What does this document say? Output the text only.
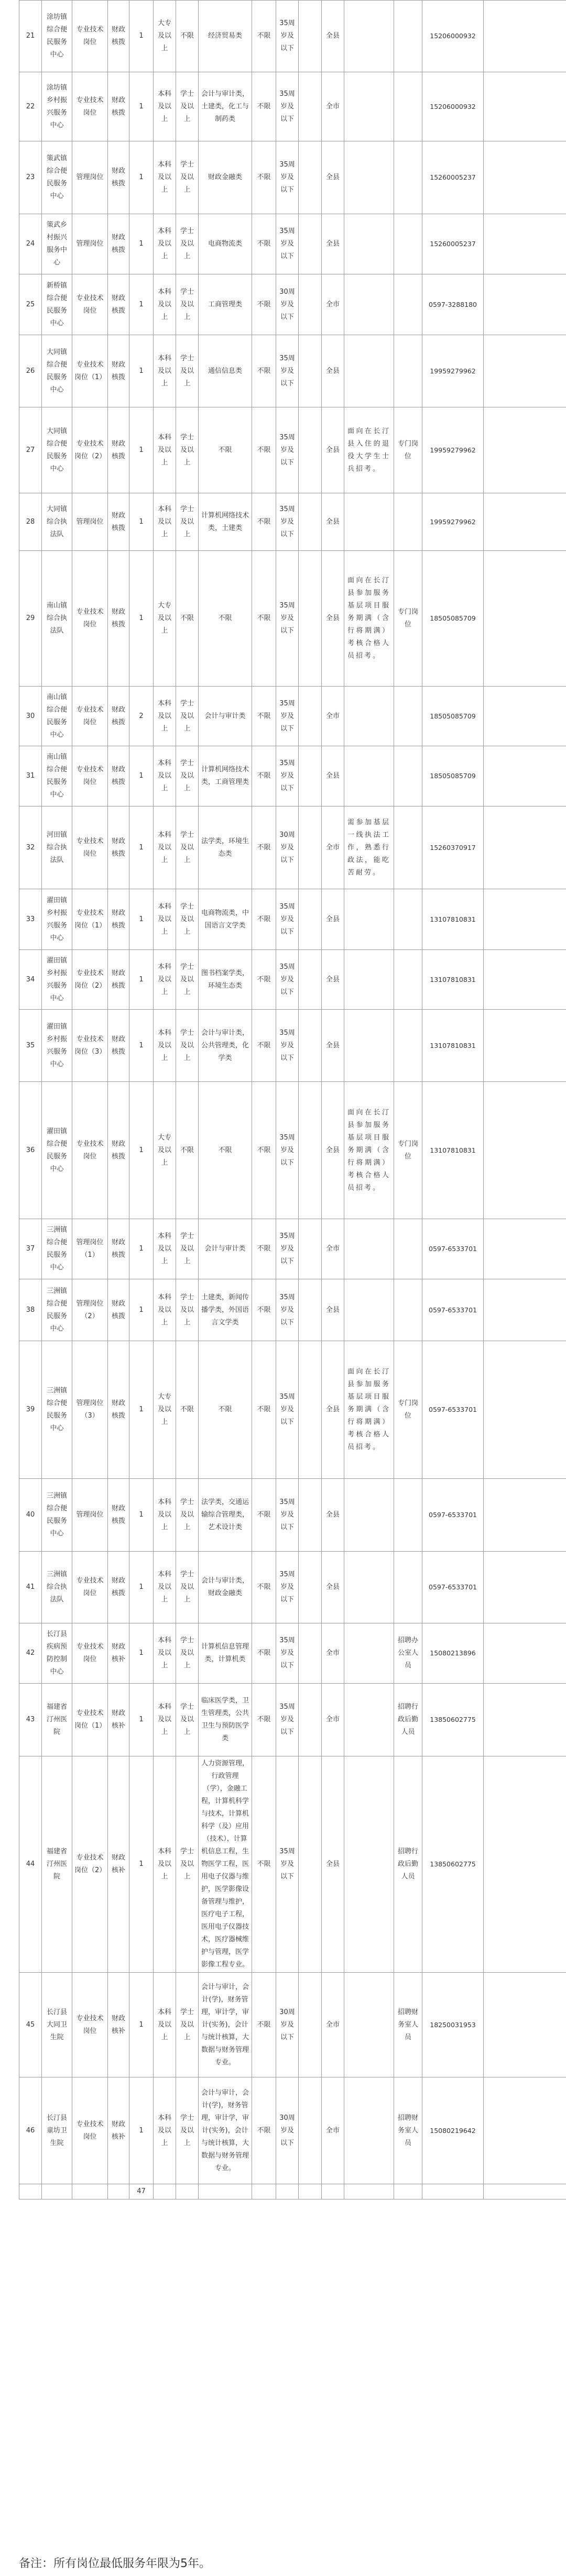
21	涂坊镇综合便民服务中心	专业技术岗位	财政核拨	1	大专及以上	不限	经济贸易类	不限	35周岁及以下		全县			15206000932	
22	涂坊镇乡村振兴服务中心	专业技术岗位	财政核拨	1	本科及以上	学士及以上	会计与审计类，土建类，化工与制药类	不限	35周岁及以下		全市			15206000932	
23	策武镇综合便民服务中心	管理岗位	财政核拨	1	本科及以上	学士及以上	财政金融类	不限	35周岁及以下		全县			15260005237	
24	策武乡村振兴服务中心	管理岗位	财政核拨	1	本科及以上	学士及以上	电商物流类	不限	35周岁及以下		全县			15260005237	
25	新桥镇综合便民服务中心	专业技术岗位	财政核拨	1	本科及以上	学士及以上	工商管理类	不限	30周岁及以下		全市			0597-3288180	
26	大同镇综合便民服务中心	专业技术岗位（1）	财政核拨	1	本科及以上	学士及以上	通信信息类	不限	35周岁及以下		全县			19959279962	
27	大同镇综合便民服务中心	专业技术岗位（2）	财政核拨	1	本科及以上	学士及以上	不限	不限	35周岁及以下		全县	面向在长汀县入住的退役大学生士兵招考。	专门岗位	19959279962	
28	大同镇综合执法队	管理岗位	财政核拨	1	本科及以上	学士及以上	计算机网络技术类，土建类	不限	35周岁及以下		全县			19959279962	
29	南山镇综合执法队	专业技术岗位	财政核拨	1	大专及以上	不限	不限	不限	35周岁及以下		全县	面向在长汀县参加服务基层项目服务期满（含行将期满）考核合格人员招考。	专门岗位	18505085709	
30	南山镇综合便民服务中心	专业技术岗位	财政核拨	2	本科及以上	学士及以上	会计与审计类	不限	35周岁及以下		全市			18505085709	
31	南山镇综合便民服务中心	专业技术岗位	财政核拨	1	本科及以上	学士及以上	计算机网络技术类，工商管理类	不限	35周岁及以下		全县			18505085709	
32	河田镇综合执法队	专业技术岗位	财政核拨	1	本科及以上	学士及以上	法学类，环境生态类	不限	30周岁及以下		全市	需参加基层一线执法工作，熟悉行政法，能吃苦耐劳。		15260370917	
33	濯田镇乡村振兴服务中心	专业技术岗位（1）	财政核拨	1	本科及以上	学士及以上	电商物流类，中国语言文学类	不限	35周岁及以下		全县			13107810831	
34	濯田镇乡村振兴服务中心	专业技术岗位（2）	财政核拨	1	本科及以上	学士及以上	图书档案学类，环境生态类	不限	35周岁及以下		全县			13107810831	
35	濯田镇乡村振兴服务中心	专业技术岗位（3）	财政核拨	1	本科及以上	学士及以上	会计与审计类，公共管理类，化学类	不限	35周岁及以下		全县			13107810831	
36	濯田镇综合便民服务中心	专业技术岗位	财政核拨	1	大专及以上	不限	不限	不限	35周岁及以下		全县	面向在长汀县参加服务基层项目服务期满（含行将期满）考核合格人员招考。	专门岗位	13107810831	
37	三洲镇综合便民服务中心	管理岗位（1）	财政核拨	1	本科及以上	学士及以上	会计与审计类	不限	35周岁及以下		全市			0597-6533701	
38	三洲镇综合便民服务中心	管理岗位（2）	财政核拨	1	本科及以上	学士及以上	土建类，新闻传播学类，外国语言文学类	不限	35周岁及以下		全县			0597-6533701	
39	三洲镇综合便民服务中心	管理岗位（3）	财政核拨	1	大专及以上	不限	不限	不限	35周岁及以下		全县	面向在长汀县参加服务基层项目服务期满（含行将期满）考核合格人员招考。	专门岗位	0597-6533701	
40	三洲镇综合便民服务中心	管理岗位	财政核拨	1	本科及以上	学士及以上	法学类，交通运输综合管理类，艺术设计类	不限	35周岁及以下		全县			0597-6533701	
41	三洲镇综合执法队	专业技术岗位	财政核拨	1	本科及以上	学士及以上	会计与审计类，财政金融类	不限	35周岁及以下		全县			0597-6533701	
42	长汀县疾病预防控制中心	专业技术岗位	财政核补	1	本科及以上	学士及以上	计算机信息管理类，计算机类	不限	35周岁及以下		全市		招聘办公室人员	15080213896	
43	福建省汀州医院	专业技术岗位（1）	财政核补	1	本科及以上	学士及以上	临床医学类，卫生管理类，公共卫生与预防医学类	不限	35周岁及以下		全市		招聘行政后勤人员	13850602775	
44	福建省汀州医院	专业技术岗位（2）	财政核补	1	本科及以上	学士及以上	人力资源管理，行政管理（学），金融工程，计算机科学与技术，计算机科学（及）应用（技术），计算机信息工程，生物医学工程，医用电子仪器与维护，医学影像设备管理与维护，医疗电子工程，医用电子仪器技术，医疗器械维护与管理，医学影像工程专业。	不限	35周岁及以下		全县		招聘行政后勤人员	13850602775	
45	长汀县大同卫生院	专业技术岗位	财政核补	1	本科及以上	学士及以上	会计与审计，会计(学)，财务管理，审计学，审计(实务)，会计与统计核算，大数据与财务管理专业。	不限	30周岁及以下		全市		招聘财务室人员	18250031953	
46	长汀县童坊卫生院	专业技术岗位	财政核补	1	本科及以上	学士及以上	会计与审计，会计(学)，财务管理，审计学，审计(实务)，会计与统计核算，大数据与财务管理专业。	不限	30周岁及以下		全市		招聘财务室人员	15080219642	
				47											
备注：所有岗位最低服务年限为5年。
